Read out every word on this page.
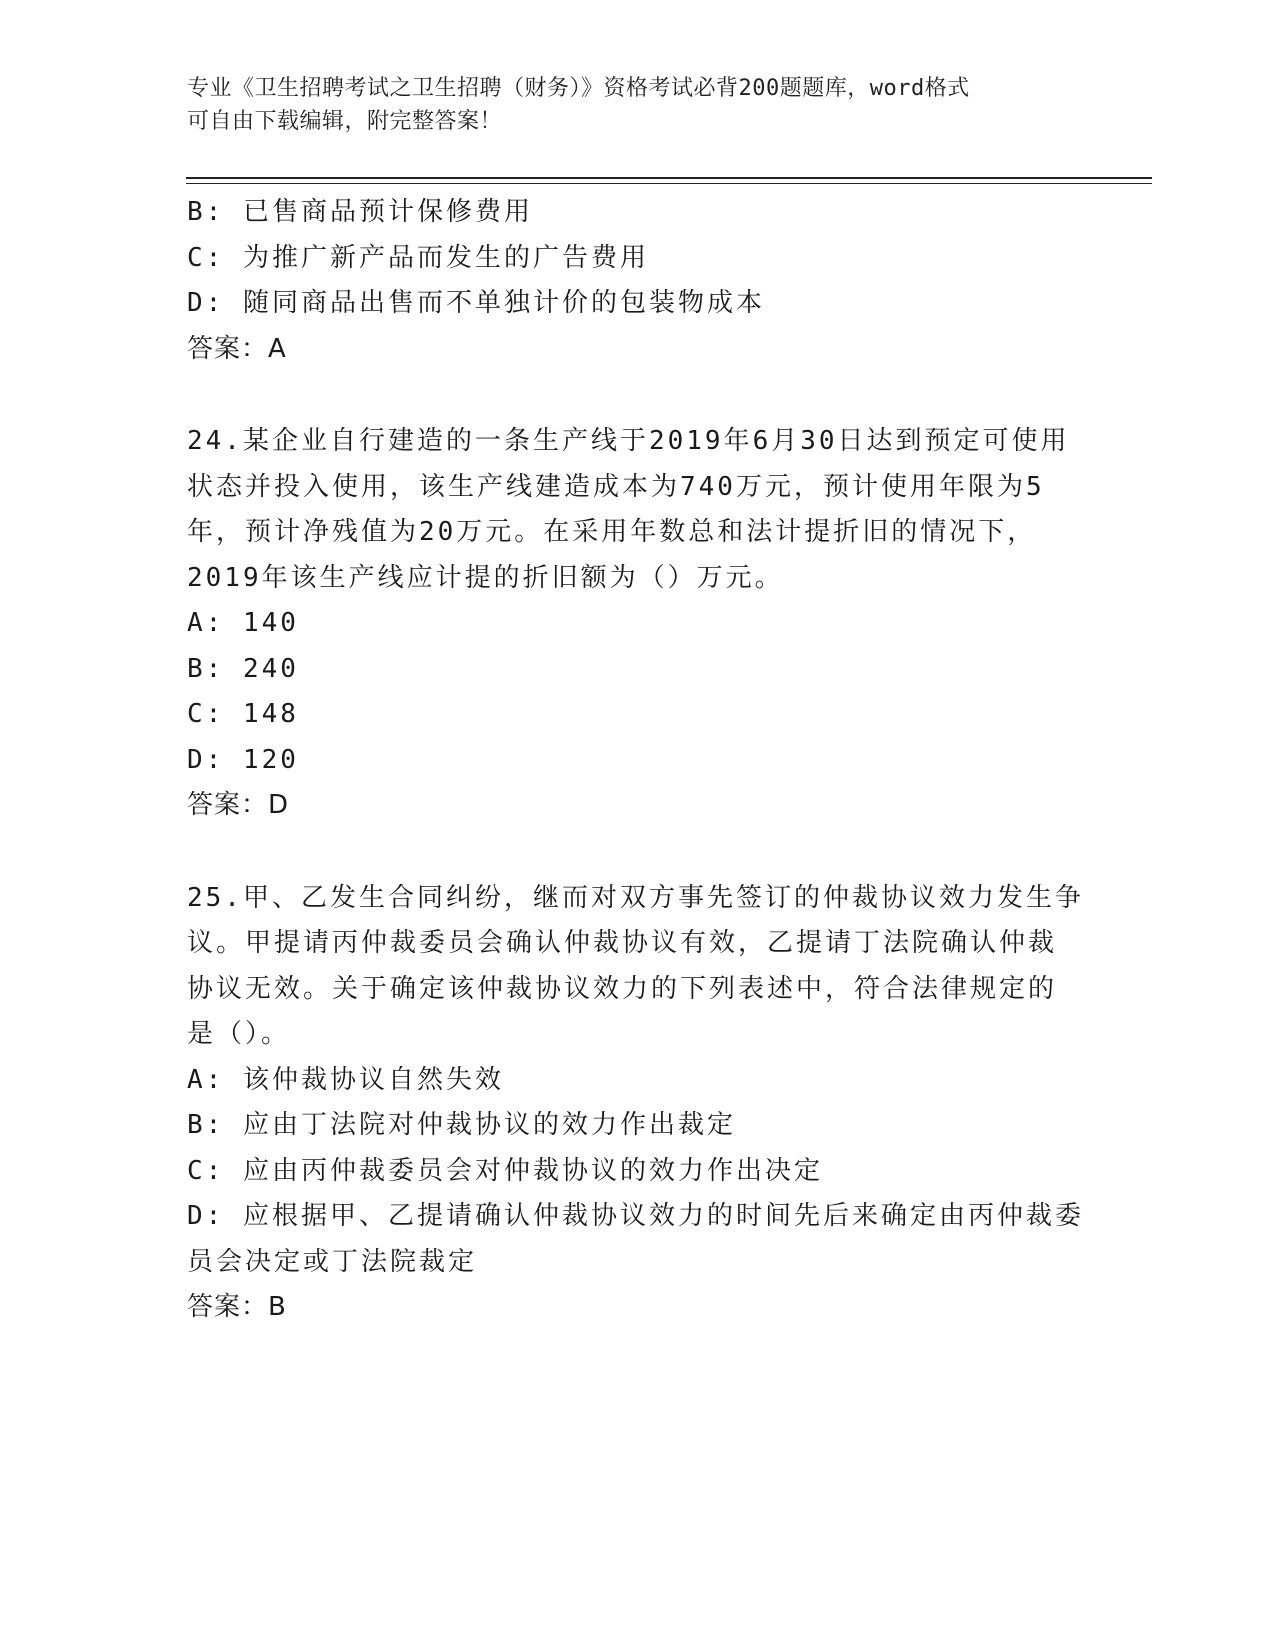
专业《卫生招聘考试之卫生招聘（财务）》资格考试必背200题题库，word格式
可自由下载编辑，附完整答案！
B: 已售商品预计保修费用
C: 为推广新产品而发生的广告费用
D: 随同商品出售而不单独计价的包装物成本
答案：A
24.某企业自行建造的一条生产线于2019年6月30日达到预定可使用
状态并投入使用，该生产线建造成本为740万元，预计使用年限为5
年，预计净残值为20万元。在采用年数总和法计提折旧的情况下，
2019年该生产线应计提的折旧额为（）万元。
A: 140
B: 240
C: 148
D: 120
答案：D
25.甲、乙发生合同纠纷，继而对双方事先签订的仲裁协议效力发生争
议。甲提请丙仲裁委员会确认仲裁协议有效，乙提请丁法院确认仲裁
协议无效。关于确定该仲裁协议效力的下列表述中，符合法律规定的
是（）。
A: 该仲裁协议自然失效
B: 应由丁法院对仲裁协议的效力作出裁定
C: 应由丙仲裁委员会对仲裁协议的效力作出决定
D: 应根据甲、乙提请确认仲裁协议效力的时间先后来确定由丙仲裁委
员会决定或丁法院裁定
答案：B
